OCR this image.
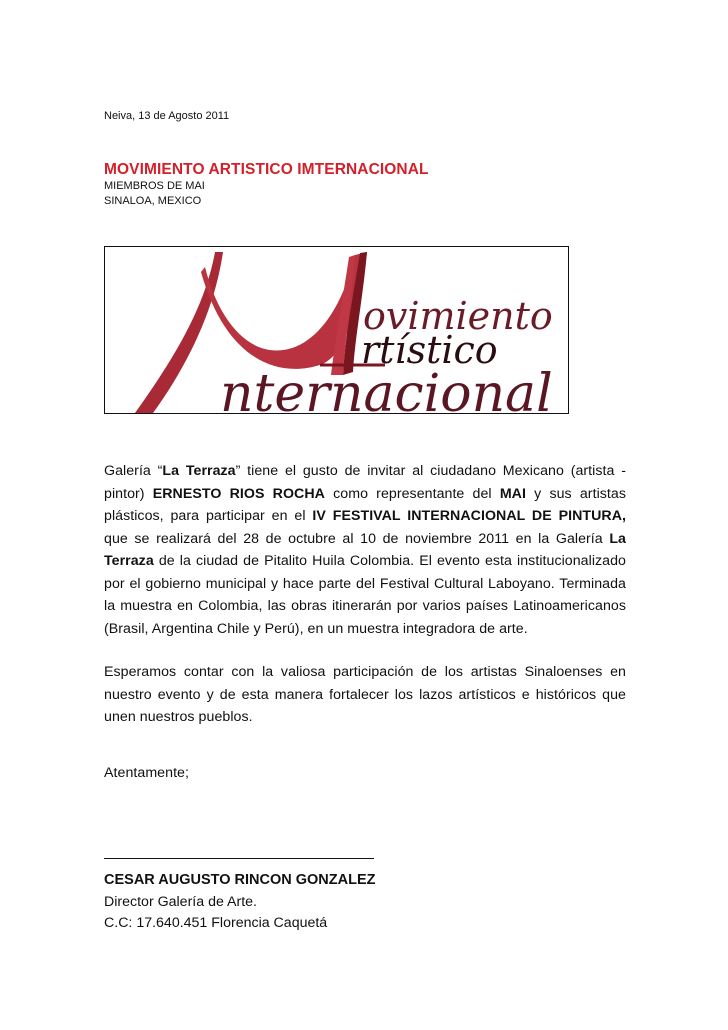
Neiva, 13 de Agosto 2011
MOVIMIENTO ARTISTICO IMTERNACIONAL
MIEMBROS DE MAI
SINALOA, MEXICO
ovimiento
rtístico
nternacional
Galería “La Terraza” tiene el gusto de invitar al ciudadano Mexicano (artista - pintor) ERNESTO RIOS ROCHA como representante del MAI y sus artistas plásticos, para participar en el IV FESTIVAL INTERNACIONAL DE PINTURA, que se realizará del 28 de octubre al 10 de noviembre 2011 en la Galería La Terraza de la ciudad de Pitalito Huila Colombia. El evento esta institucionalizado por el gobierno municipal y hace parte del Festival Cultural Laboyano. Terminada la muestra en Colombia, las obras itinerarán por varios países Latinoamericanos (Brasil, Argentina Chile y Perú), en un muestra integradora de arte.
Esperamos contar con la valiosa participación de los artistas Sinaloenses en nuestro evento y de esta manera fortalecer los lazos artísticos e históricos que unen nuestros pueblos.
Atentamente;
CESAR AUGUSTO RINCON GONZALEZ
Director Galería de Arte.
C.C: 17.640.451 Florencia Caquetá
